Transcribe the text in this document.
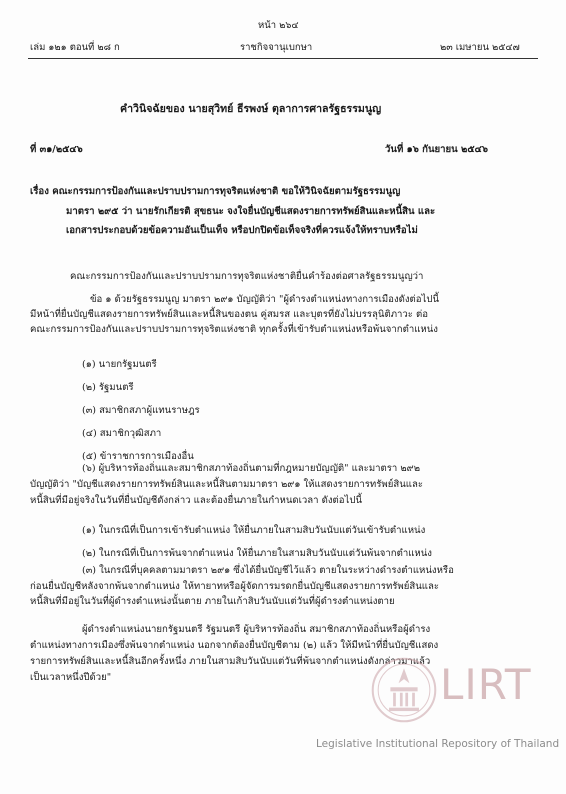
หน้า ๒๖๔
เล่ม ๑๒๑ ตอนที่ ๒๘ ก	ราชกิจจานุเบกษา	๒๓ เมษายน ๒๕๔๗
คำวินิจฉัยของ นายสุวิทย์ ธีรพงษ์ ตุลาการศาลรัฐธรรมนูญ
ที่ ๓๑/๒๕๔๖	วันที่ ๑๖ กันยายน ๒๕๔๖
เรื่อง คณะกรรมการป้องกันและปราบปรามการทุจริตแห่งชาติ ขอให้วินิจฉัยตามรัฐธรรมนูญ
มาตรา ๒๙๕ ว่า นายรักเกียรติ สุขธนะ จงใจยื่นบัญชีแสดงรายการทรัพย์สินและหนี้สิน และ
เอกสารประกอบด้วยข้อความอันเป็นเท็จ หรือปกปิดข้อเท็จจริงที่ควรแจ้งให้ทราบหรือไม่
คณะกรรมการป้องกันและปราบปรามการทุจริตแห่งชาติยื่นคำร้องต่อศาลรัฐธรรมนูญว่า
ข้อ ๑ ด้วยรัฐธรรมนูญ มาตรา ๒๙๑ บัญญัติว่า "ผู้ดำรงตำแหน่งทางการเมืองดังต่อไปนี้
มีหน้าที่ยื่นบัญชีแสดงรายการทรัพย์สินและหนี้สินของตน คู่สมรส และบุตรที่ยังไม่บรรลุนิติภาวะ ต่อ
คณะกรรมการป้องกันและปราบปรามการทุจริตแห่งชาติ ทุกครั้งที่เข้ารับตำแหน่งหรือพ้นจากตำแหน่ง
(๑) นายกรัฐมนตรี
(๒) รัฐมนตรี
(๓) สมาชิกสภาผู้แทนราษฎร
(๔) สมาชิกวุฒิสภา
(๕) ข้าราชการการเมืองอื่น
(๖) ผู้บริหารท้องถิ่นและสมาชิกสภาท้องถิ่นตามที่กฎหมายบัญญัติ" และมาตรา ๒๙๒
บัญญัติว่า "บัญชีแสดงรายการทรัพย์สินและหนี้สินตามมาตรา ๒๙๑ ให้แสดงรายการทรัพย์สินและ
หนี้สินที่มีอยู่จริงในวันที่ยื่นบัญชีดังกล่าว และต้องยื่นภายในกำหนดเวลา ดังต่อไปนี้
(๑) ในกรณีที่เป็นการเข้ารับตำแหน่ง ให้ยื่นภายในสามสิบวันนับแต่วันเข้ารับตำแหน่ง
(๒) ในกรณีที่เป็นการพ้นจากตำแหน่ง ให้ยื่นภายในสามสิบวันนับแต่วันพ้นจากตำแหน่ง
(๓) ในกรณีที่บุคคลตามมาตรา ๒๙๑ ซึ่งได้ยื่นบัญชีไว้แล้ว ตายในระหว่างดำรงตำแหน่งหรือ
ก่อนยื่นบัญชีหลังจากพ้นจากตำแหน่ง ให้ทายาทหรือผู้จัดการมรดกยื่นบัญชีแสดงรายการทรัพย์สินและ
หนี้สินที่มีอยู่ในวันที่ผู้ดำรงตำแหน่งนั้นตาย ภายในเก้าสิบวันนับแต่วันที่ผู้ดำรงตำแหน่งตาย
ผู้ดำรงตำแหน่งนายกรัฐมนตรี รัฐมนตรี ผู้บริหารท้องถิ่น สมาชิกสภาท้องถิ่นหรือผู้ดำรง
ตำแหน่งทางการเมืองซึ่งพ้นจากตำแหน่ง นอกจากต้องยื่นบัญชีตาม (๒) แล้ว ให้มีหน้าที่ยื่นบัญชีแสดง
รายการทรัพย์สินและหนี้สินอีกครั้งหนึ่ง ภายในสามสิบวันนับแต่วันที่พ้นจากตำแหน่งดังกล่าวมาแล้ว
เป็นเวลาหนึ่งปีด้วย"	LIRT
Legislative Institutional Repository of Thailand
